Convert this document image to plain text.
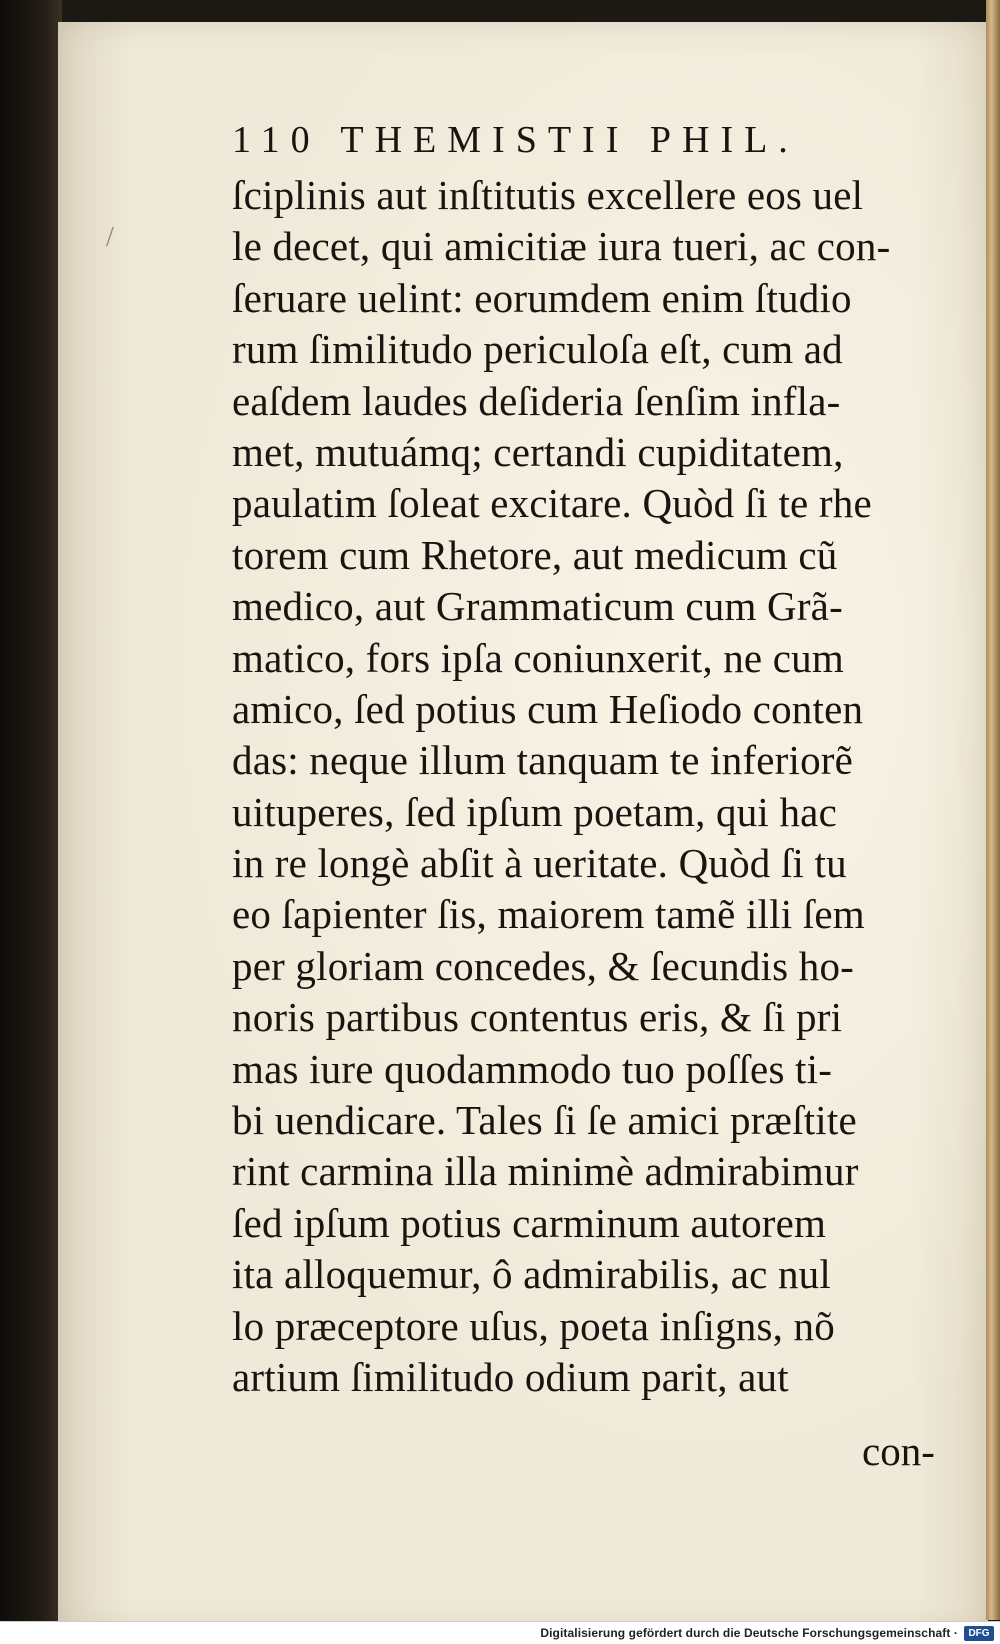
/
110 THEMISTII PHIL.
ſciplinis aut inſtitutis excellere eos uel
le decet, qui amicitiæ iura tueri, ac con-
ſeruare uelint: eorumdem enim ſtudio
rum ſimilitudo periculoſa eſt, cum ad
eaſdem laudes deſideria ſenſim infla-
met, mutuámq; certandi cupiditatem,
paulatim ſoleat excitare. Quòd ſi te rhe
torem cum Rhetore, aut medicum cũ
medico, aut Grammaticum cum Grã-
matico, fors ipſa coniunxerit, ne cum
amico, ſed potius cum Heſiodo conten
das: neque illum tanquam te inferiorẽ
uituperes, ſed ipſum poetam, qui hac
in re longè abſit à ueritate. Quòd ſi tu
eo ſapienter ſis, maiorem tamẽ illi ſem
per gloriam concedes, & ſecundis ho-
noris partibus contentus eris, & ſi pri
mas iure quodammodo tuo poſſes ti-
bi uendicare. Tales ſi ſe amici præſtite
rint carmina illa minimè admirabimur
ſed ipſum potius carminum autorem
ita alloquemur, ô admirabilis, ac nul
lo præceptore uſus, poeta inſigns, nõ
artium ſimilitudo odium parit, aut
con-
Digitalisierung gefördert durch die Deutsche Forschungsgemeinschaft ·	DFG
